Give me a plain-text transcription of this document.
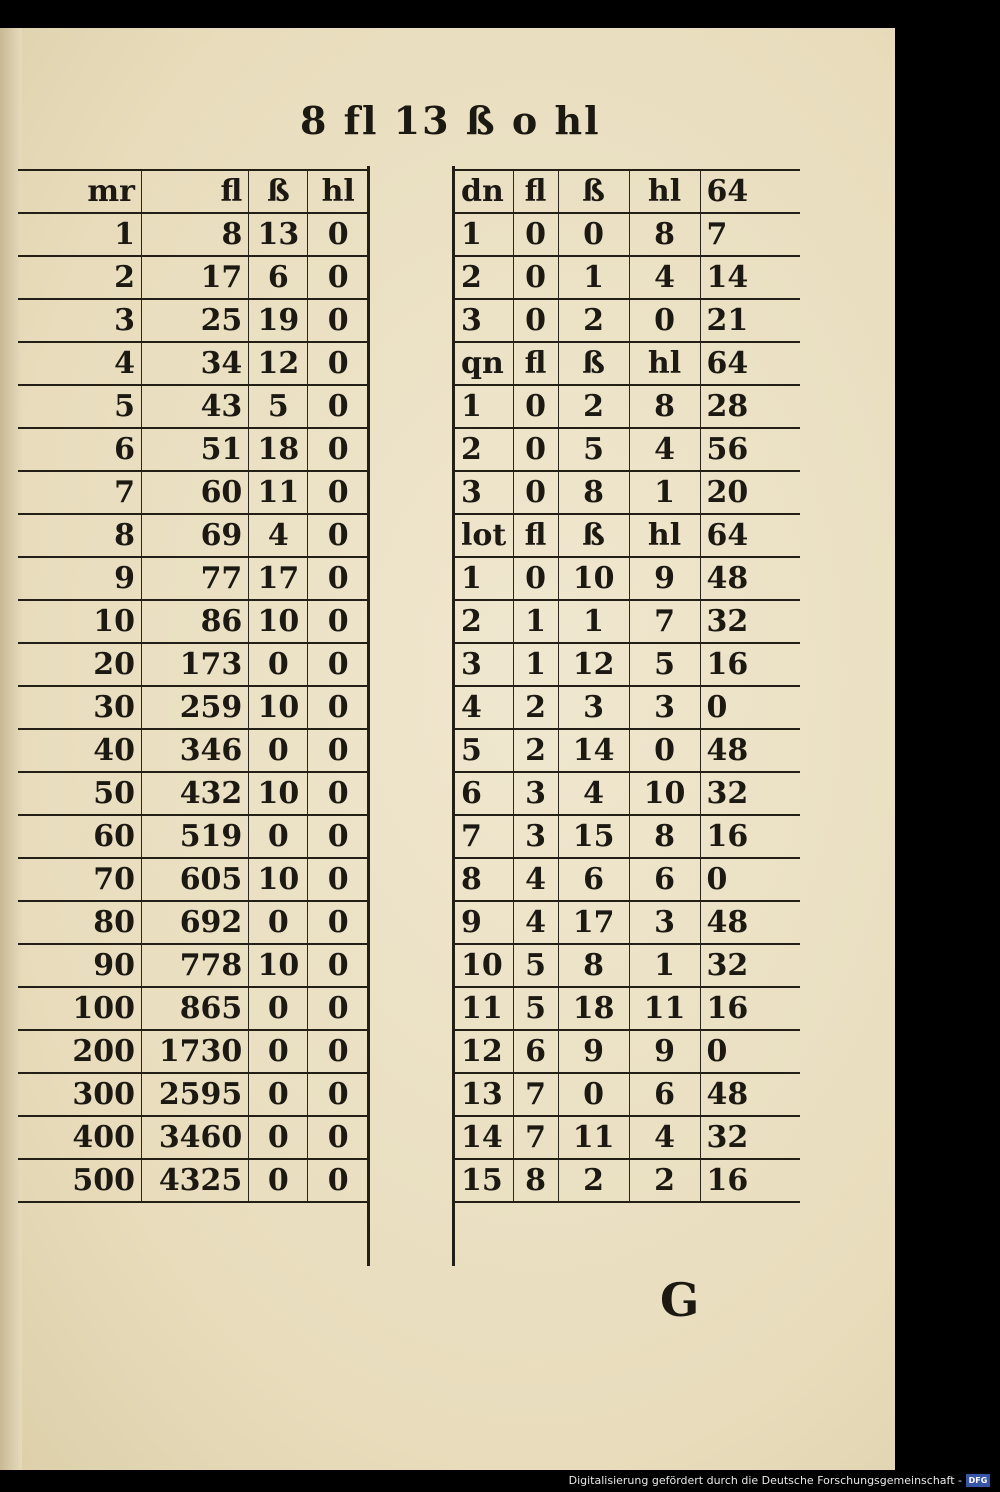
8 fl 13 ß o hl
mr	fl	ß	hl
1	8	13	0
2	17	6	0
3	25	19	0
4	34	12	0
5	43	5	0
6	51	18	0
7	60	11	0
8	69	4	0
9	77	17	0
10	86	10	0
20	173	0	0
30	259	10	0
40	346	0	0
50	432	10	0
60	519	0	0
70	605	10	0
80	692	0	0
90	778	10	0
100	865	0	0
200	1730	0	0
300	2595	0	0
400	3460	0	0
500	4325	0	0
dn	fl	ß	hl	64
1	0	0	8	7
2	0	1	4	14
3	0	2	0	21
qn	fl	ß	hl	64
1	0	2	8	28
2	0	5	4	56
3	0	8	1	20
lot	fl	ß	hl	64
1	0	10	9	48
2	1	1	7	32
3	1	12	5	16
4	2	3	3	0
5	2	14	0	48
6	3	4	10	32
7	3	15	8	16
8	4	6	6	0
9	4	17	3	48
10	5	8	1	32
11	5	18	11	16
12	6	9	9	0
13	7	0	6	48
14	7	11	4	32
15	8	2	2	16
G
Digitalisierung gefördert durch die Deutsche Forschungsgemeinschaft - DFG
